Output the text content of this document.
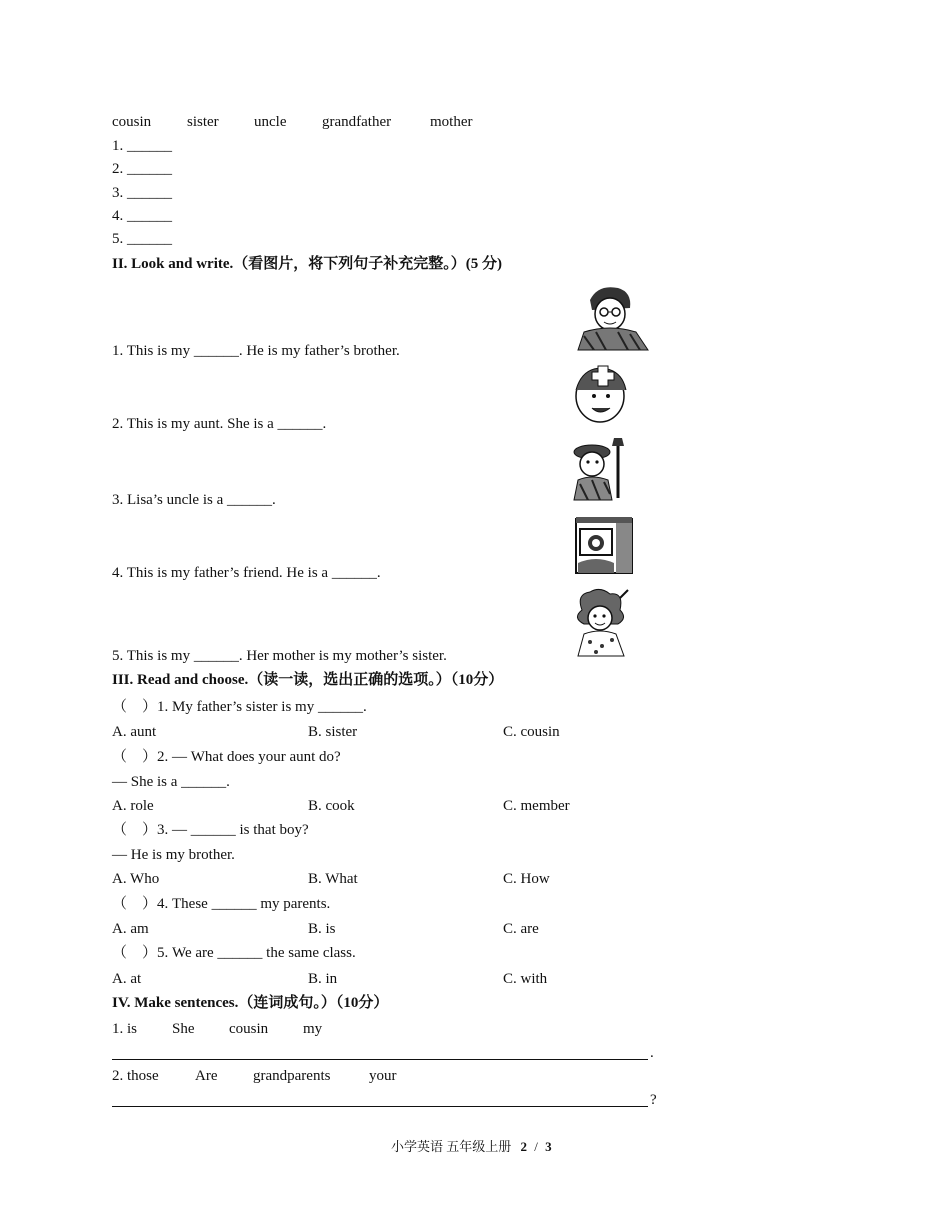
cousin sister uncle grandfather	mother
1. ______
2. ______
3. ______
4. ______
5. ______
II. Look and write.（看图片，将下列句子补充完整。）(5 分)
1. This is my ______. He is my father’s brother.
2. This is my aunt. She is a ______.
3. Lisa’s uncle is a ______.
4. This is my father’s friend. He is a ______.
5. This is my ______. Her mother is my mother’s sister.
III. Read and choose.（读一读，选出正确的选项。）（10分）
（　）1. My father’s sister is my ______.
A. aunt	B. sister	C. cousin
（　）2. — What does your aunt do?
— She is a ______.
A. role	B. cook	C. member
（　）3. — ______ is that boy?
— He is my brother.
A. Who	B. What	C. How
（　）4. These ______ my parents.
A. am	B. is	C. are
（　）5. We are ______ the same class.
A. at	B. in	C. with
IV. Make sentences.（连词成句。）（10分）
1. is She cousin my
.
2. those Are grandparents	your
?
小学英语 五年级上册 2 / 3
